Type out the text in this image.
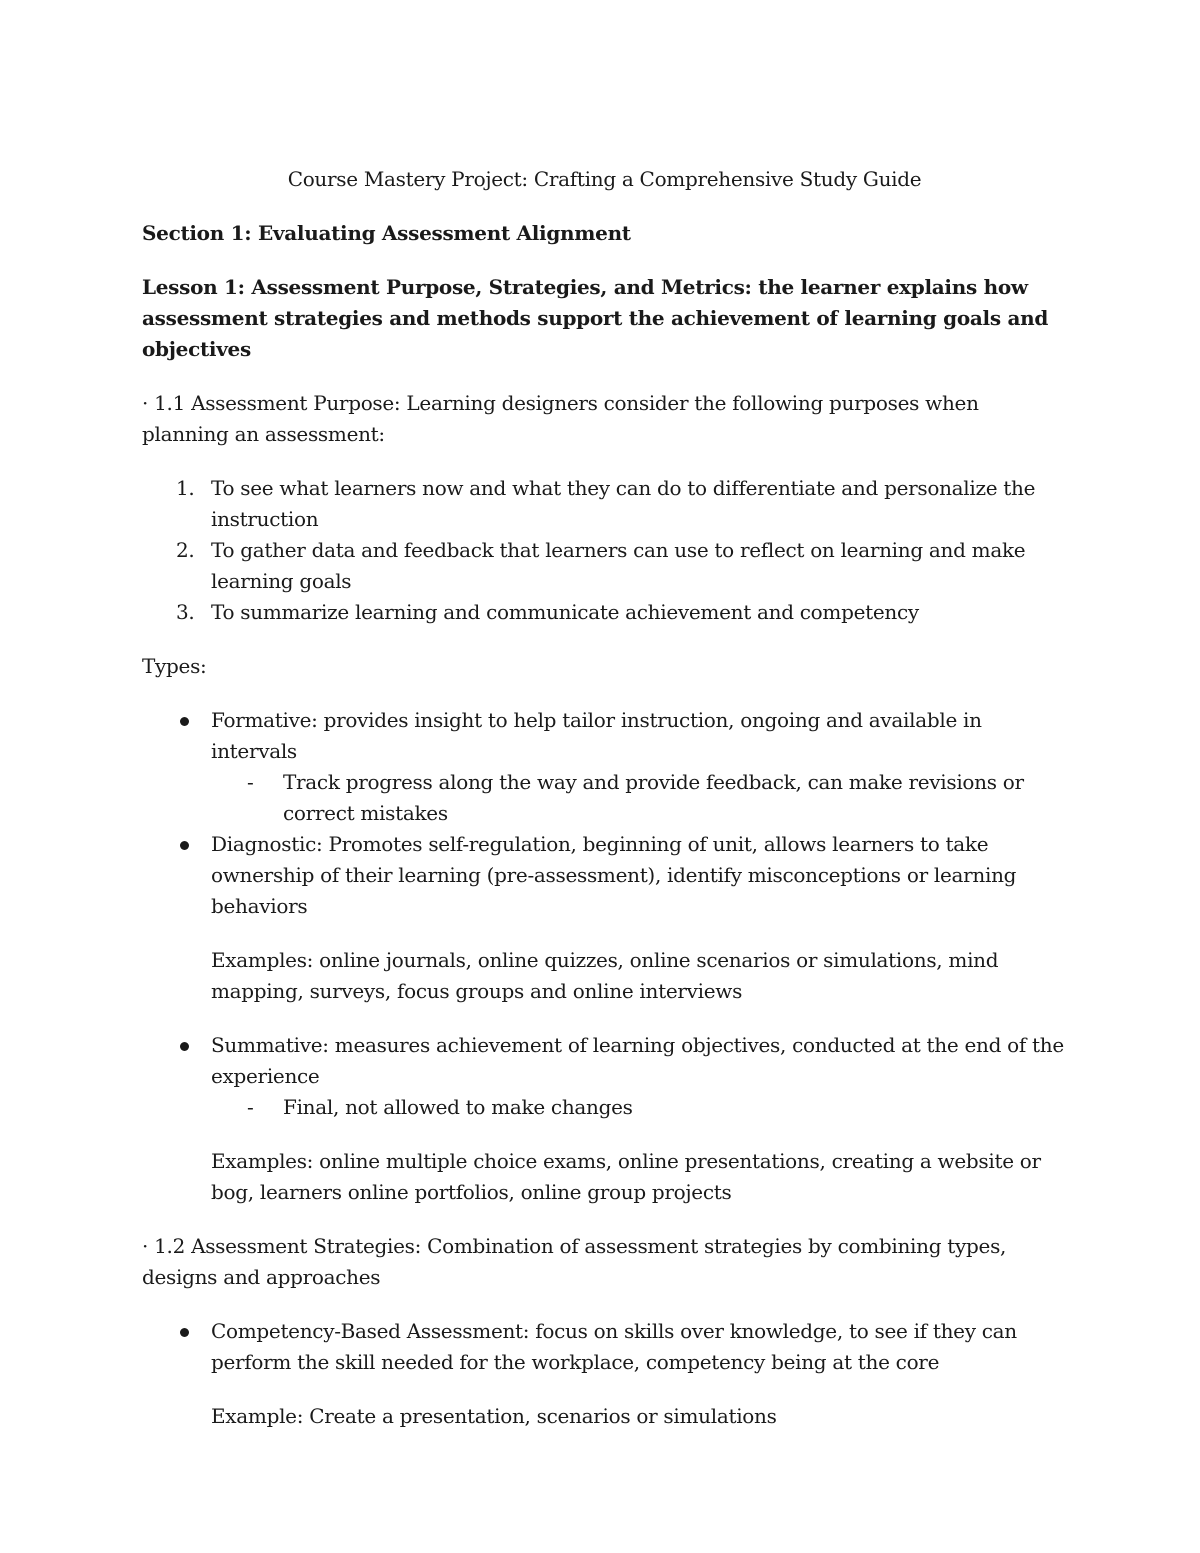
Course Mastery Project: Crafting a Comprehensive Study Guide

Section 1: Evaluating Assessment Alignment

Lesson 1: Assessment Purpose, Strategies, and Metrics: the learner explains how assessment strategies and methods support the achievement of learning goals and objectives

· 1.1 Assessment Purpose: Learning designers consider the following purposes when planning an assessment:

1. To see what learners now and what they can do to differentiate and personalize the instruction
2. To gather data and feedback that learners can use to reflect on learning and make learning goals
3. To summarize learning and communicate achievement and competency

Types:

Formative: provides insight to help tailor instruction, ongoing and available in intervals
- Track progress along the way and provide feedback, can make revisions or correct mistakes
Diagnostic: Promotes self-regulation, beginning of unit, allows learners to take ownership of their learning (pre-assessment), identify misconceptions or learning behaviors

Examples: online journals, online quizzes, online scenarios or simulations, mind mapping, surveys, focus groups and online interviews

Summative: measures achievement of learning objectives, conducted at the end of the experience
- Final, not allowed to make changes

Examples: online multiple choice exams, online presentations, creating a website or bog, learners online portfolios, online group projects

· 1.2 Assessment Strategies: Combination of assessment strategies by combining types, designs and approaches

Competency-Based Assessment: focus on skills over knowledge, to see if they can perform the skill needed for the workplace, competency being at the core

Example: Create a presentation, scenarios or simulations
